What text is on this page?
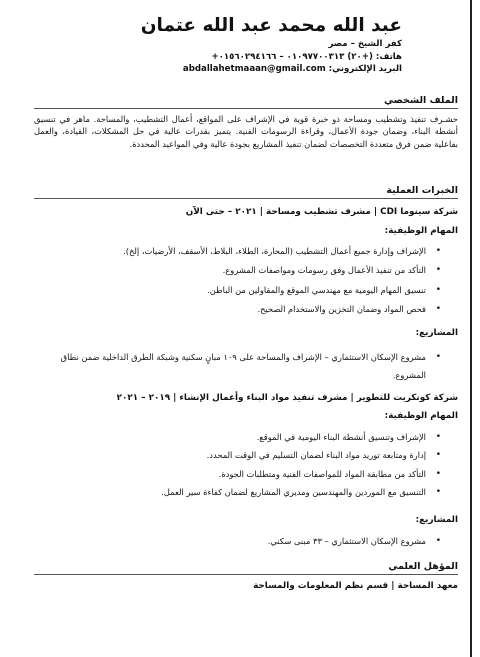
عبد الله محمد عبد الله عتمان
كفر الشيخ – مصر
هاتف: (+٢٠) ٠١٠٩٧٧٠٠٣١٣ – ٠١٥٦٠٢٩٤١٦٦+
البريد الإلكتروني: abdallahetmaaan@gmail.com
الملف الشخصي
حشـرف تنفيذ وتشطيب ومساحة ذو خبرة قوية في الإشراف على المواقع، أعمال التشطيب، والمساحة. ماهر في تنسيق أنشطة البناء، وضمان جودة الأعمال، وقراءة الرسومات الفنية. يتميز بقدرات عالية في حل المشكلات، القيادة، والعمل بفاعلية ضمن فرق متعددة التخصصات لضمان تنفيذ المشاريع بجودة عالية وفي المواعيد المحددة.
الخبرات العملية
شركة سينوما CDI | مشرف تشطيب ومساحة | ٢٠٢١ – حتى الآن
المهام الوظيفية:
• الإشراف وإدارة جميع أعمال التشطيب (المحارة، الطلاء، البلاط، الأسقف، الأرضيات، إلخ).
• التأكد من تنفيذ الأعمال وفق رسومات ومواصفات المشروع.
• تنسيق المهام اليومية مع مهندسي الموقع والمقاولين من الباطن.
• فحص المواد وضمان التخزين والاستخدام الصحيح.
المشاريع:
• مشروع الإسكان الاستثماري – الإشراف والمساحة على ١٠٩ مبانٍ سكنية وشبكة الطرق الداخلية ضمن نطاق المشروع.
شركة كونكريت للتطوير | مشرف تنفيذ مواد البناء وأعمال الإنشاء | ٢٠١٩ – ٢٠٢١
المهام الوظيفية:
• الإشراف وتنسيق أنشطة البناء اليومية في الموقع.
• إدارة ومتابعة توريد مواد البناء لضمان التسليم في الوقت المحدد.
• التأكد من مطابقة المواد للمواصفات الفنية ومتطلبات الجودة.
• التنسيق مع الموردين والمهندسين ومديري المشاريع لضمان كفاءة سير العمل.
المشاريع:
• مشروع الإسكان الاستثماري – ٣٣ مبنى سكني.
المؤهل العلمي
معهد المساحة | قسم نظم المعلومات والمساحة
